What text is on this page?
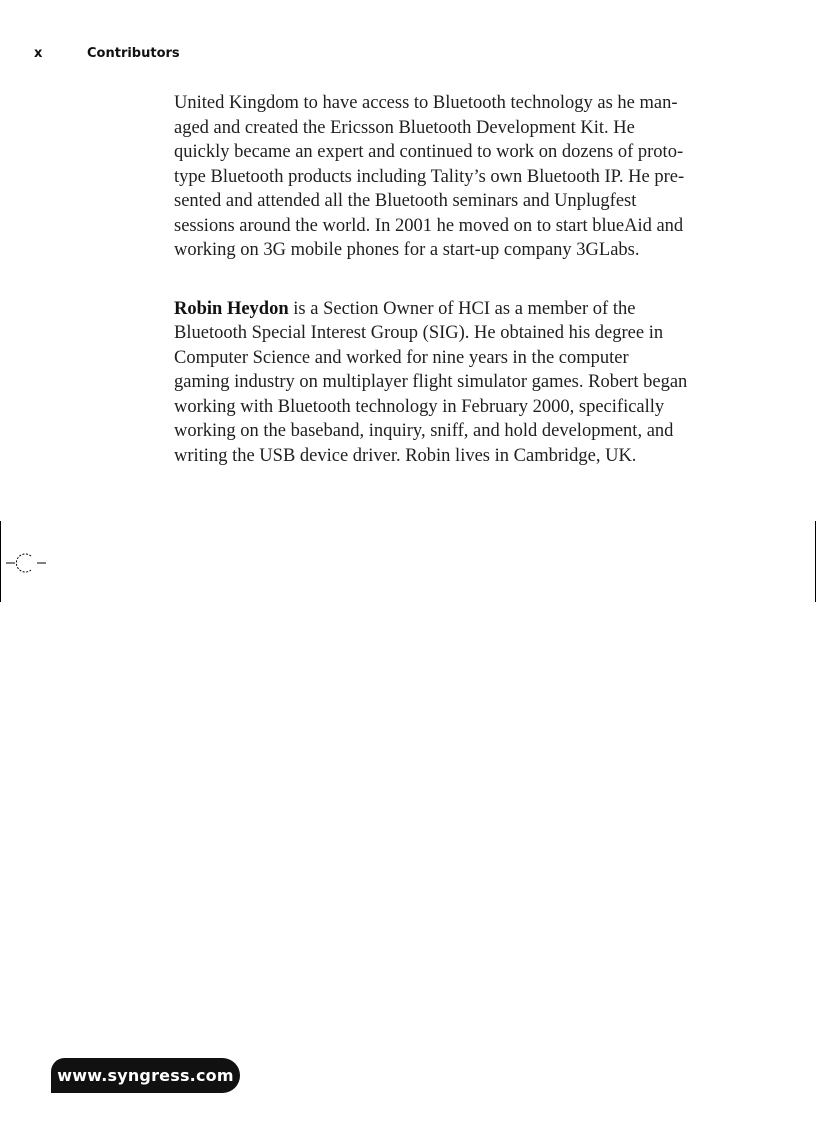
x	Contributors

United Kingdom to have access to Bluetooth technology as he man-
aged and created the Ericsson Bluetooth Development Kit. He
quickly became an expert and continued to work on dozens of proto-
type Bluetooth products including Tality’s own Bluetooth IP. He pre-
sented and attended all the Bluetooth seminars and Unplugfest
sessions around the world. In 2001 he moved on to start blueAid and
working on 3G mobile phones for a start-up company 3GLabs.

Robin Heydon is a Section Owner of HCI as a member of the
Bluetooth Special Interest Group (SIG). He obtained his degree in
Computer Science and worked for nine years in the computer
gaming industry on multiplayer flight simulator games. Robert began
working with Bluetooth technology in February 2000, specifically
working on the baseband, inquiry, sniff, and hold development, and
writing the USB device driver. Robin lives in Cambridge, UK.

www.syngress.com
